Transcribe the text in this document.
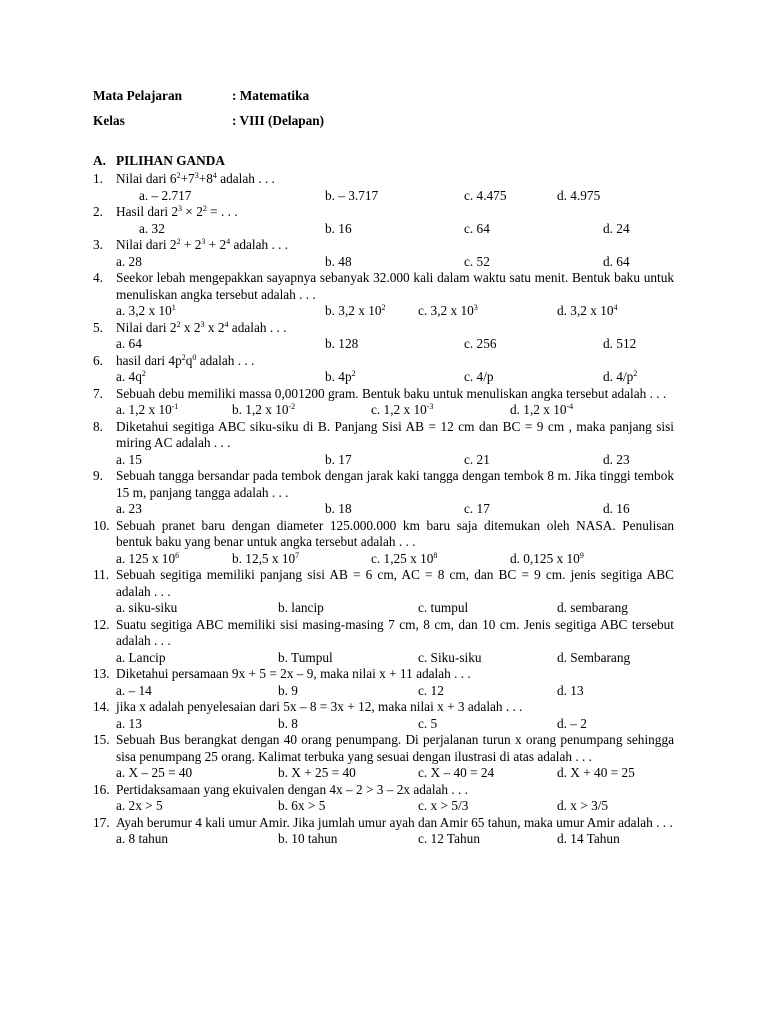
Mata Pelajaran	: Matematika
Kelas	: VIII (Delapan)
A. PILIHAN GANDA
1. Nilai dari $6^2+7^3+8^4$ adalah . . .
a. – 2.717	b. – 3.717	c. 4.475	d. 4.975
2. Hasil dari $2^3 \times 2^2$ = . . .
a. 32	b. 16	c. 64	d. 24
3. Nilai dari $2^2 + 2^3 + 2^4$ adalah . . .
a. 28	b. 48	c. 52	d. 64
4. Seekor lebah mengepakkan sayapnya sebanyak 32.000 kali dalam waktu satu menit. Bentuk baku untuk menuliskan angka tersebut adalah . . .
a. 3,2 x $10^1$	b. 3,2 x $10^2$ c. 3,2 x $10^3$	d. 3,2 x $10^4$
5. Nilai dari $2^2$ x $2^3$ x $2^4$ adalah . . .
a. 64	b. 128	c. 256	d. 512
6. hasil dari $4p^2q^0$ adalah . . .
a. $4q^2$	b. $4p^2$	c. 4/p	d. $4/p^2$
7. Sebuah debu memiliki massa 0,001200 gram. Bentuk baku untuk menuliskan angka tersebut adalah . . .
a. 1,2 x $10^{-1}$	b. 1,2 x $10^{-2}$	c. 1,2 x $10^{-3}$	d. 1,2 x $10^{-4}$
8. Diketahui segitiga ABC siku-siku di B. Panjang Sisi AB = 12 cm dan BC = 9 cm , maka panjang sisi miring AC adalah . . .
a. 15	b. 17	c. 21	d. 23
9. Sebuah tangga bersandar pada tembok dengan jarak kaki tangga dengan tembok 8 m. Jika tinggi tembok 15 m, panjang tangga adalah . . .
a. 23	b. 18	c. 17	d. 16
10. Sebuah pranet baru dengan diameter 125.000.000 km baru saja ditemukan oleh NASA. Penulisan bentuk baku yang benar untuk angka tersebut adalah . . .
a. 125 x $10^6$	b. 12,5 x $10^7$	c. 1,25 x $10^8$	d. 0,125 x $10^9$
11. Sebuah segitiga memiliki panjang sisi AB = 6 cm, AC = 8 cm, dan BC = 9 cm. jenis segitiga ABC adalah . . .
a. siku-siku	b. lancip	c. tumpul	d. sembarang
12. Suatu segitiga ABC memiliki sisi masing-masing 7 cm, 8 cm, dan 10 cm. Jenis segitiga ABC tersebut adalah . . .
a. Lancip	b. Tumpul	c. Siku-siku	d. Sembarang
13. Diketahui persamaan 9x + 5 = 2x – 9, maka nilai x + 11 adalah . . .
a. – 14	b. 9	c. 12	d. 13
14. jika x adalah penyelesaian dari 5x – 8 = 3x + 12, maka nilai x + 3 adalah . . .
a. 13	b. 8	c. 5	d. – 2
15. Sebuah Bus berangkat dengan 40 orang penumpang. Di perjalanan turun x orang penumpang sehingga sisa penumpang 25 orang. Kalimat terbuka yang sesuai dengan ilustrasi di atas adalah . . .
a. X – 25 = 40	b. X + 25 = 40	c. X – 40 = 24	d. X + 40 = 25
16. Pertidaksamaan yang ekuivalen dengan 4x – 2 > 3 – 2x adalah . . .
a. 2x > 5	b. 6x > 5	c. x > 5/3	d. x > 3/5
17. Ayah berumur 4 kali umur Amir. Jika jumlah umur ayah dan Amir 65 tahun, maka umur Amir adalah . . .
a. 8 tahun	b. 10 tahun	c. 12 Tahun	d. 14 Tahun
